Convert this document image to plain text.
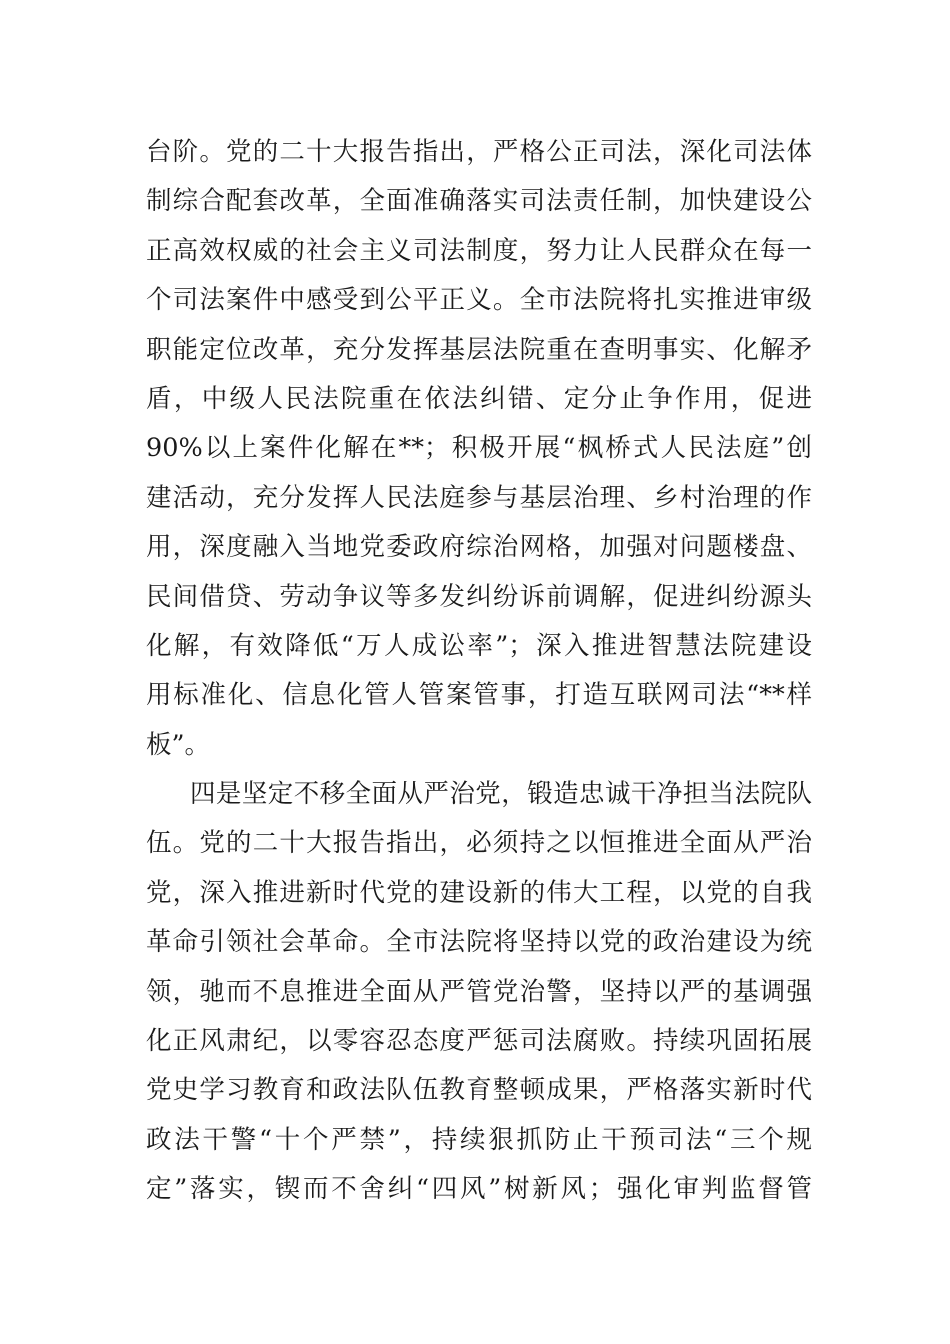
台阶。党的二十大报告指出，严格公正司法，深化司法体
制综合配套改革，全面准确落实司法责任制，加快建设公
正高效权威的社会主义司法制度，努力让人民群众在每一
个司法案件中感受到公平正义。全市法院将扎实推进审级
职能定位改革，充分发挥基层法院重在查明事实、化解矛
盾，中级人民法院重在依法纠错、定分止争作用，促进
90%以上案件化解在**；积极开展“枫桥式人民法庭”创
建活动，充分发挥人民法庭参与基层治理、乡村治理的作
用，深度融入当地党委政府综治网格，加强对问题楼盘、
民间借贷、劳动争议等多发纠纷诉前调解，促进纠纷源头
化解，有效降低“万人成讼率”；深入推进智慧法院建设
用标准化、信息化管人管案管事，打造互联网司法“**样
板”。
四是坚定不移全面从严治党，锻造忠诚干净担当法院队
伍。党的二十大报告指出，必须持之以恒推进全面从严治
党，深入推进新时代党的建设新的伟大工程，以党的自我
革命引领社会革命。全市法院将坚持以党的政治建设为统
领，驰而不息推进全面从严管党治警，坚持以严的基调强
化正风肃纪，以零容忍态度严惩司法腐败。持续巩固拓展
党史学习教育和政法队伍教育整顿成果，严格落实新时代
政法干警“十个严禁”，持续狠抓防止干预司法“三个规
定”落实，锲而不舍纠“四风”树新风；强化审判监督管
